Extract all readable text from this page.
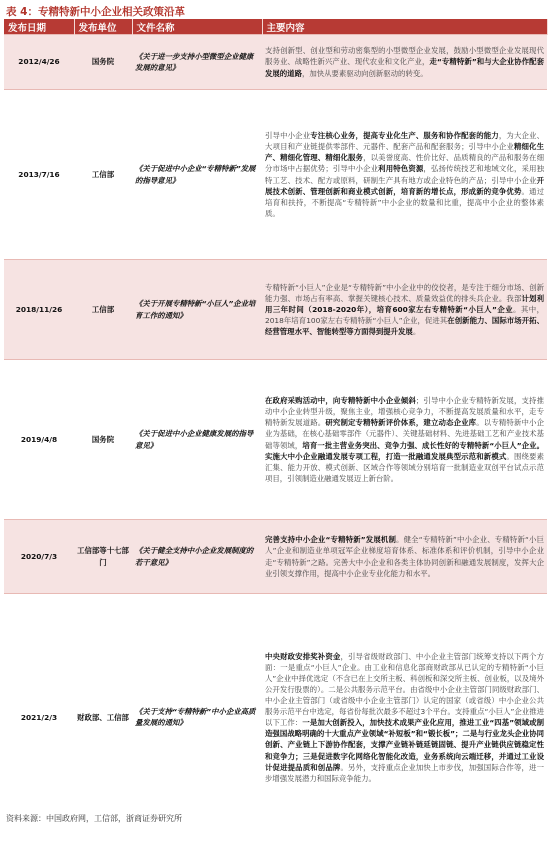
表 4：专精特新中小企业相关政策沿革
发布日期	发布单位	文件名称	主要内容
2012/4/26	国务院	《关于进一步支持小型微型企业健康发展的意见》	支持创新型、创业型和劳动密集型的小型微型企业发展，鼓励小型微型企业发展现代服务业、战略性新兴产业、现代农业和文化产业，走“专精特新”和与大企业协作配套发展的道路，加快从要素驱动向创新驱动的转变。
2013/7/16	工信部	《关于促进中小企业“专精特新”发展的指导意见》	引导中小企业专注核心业务，提高专业化生产、服务和协作配套的能力，为大企业、大项目和产业链提供零部件、元器件、配套产品和配套服务；引导中小企业精细化生产、精细化管理、精细化服务，以美誉度高、性价比好、品质精良的产品和服务在细分市场中占据优势；引导中小企业利用特色资源，弘扬传统技艺和地域文化，采用独特工艺、技术、配方或原料，研制生产具有地方或企业特色的产品；引导中小企业开展技术创新、管理创新和商业模式创新，培育新的增长点，形成新的竞争优势。通过培育和扶持，不断提高“专精特新”中小企业的数量和比重，提高中小企业的整体素质。
2018/11/26	工信部	《关于开展专精特新“小巨人”企业培育工作的通知》	专精特新“小巨人”企业是“专精特新”中小企业中的佼佼者，是专注于细分市场、创新能力强、市场占有率高、掌握关键核心技术、质量效益优的排头兵企业。我部计划利用三年时间（2018-2020年），培育600家左右专精特新“小巨人”企业。其中，2018年培育100家左右专精特新“小巨人”企业，促进其在创新能力、国际市场开拓、经营管理水平、智能转型等方面得到提升发展。
2019/4/8	国务院	《关于促进中小企业健康发展的指导意见》	在政府采购活动中，向专精特新中小企业倾斜；引导中小企业专精特新发展，支持推动中小企业转型升级，聚焦主业，增强核心竞争力，不断提高发展质量和水平，走专精特新发展道路。研究制定专精特新评价体系，建立动态企业库。以专精特新中小企业为基础，在核心基础零部件（元器件）、关键基础材料、先进基础工艺和产业技术基础等领域，培育一批主营业务突出、竞争力强、成长性好的专精特新“小巨人”企业。实施大中小企业融通发展专项工程，打造一批融通发展典型示范和新模式。围绕要素汇集、能力开放、模式创新、区域合作等领域分别培育一批制造业双创平台试点示范项目，引领制造业融通发展迈上新台阶。
2020/7/3	工信部等十七部门	《关于健全支持中小企业发展制度的若干意见》	完善支持中小企业“专精特新”发展机制。健全“专精特新”中小企业、专精特新“小巨人”企业和制造业单项冠军企业梯度培育体系、标准体系和评价机制，引导中小企业走“专精特新”之路。完善大中小企业和各类主体协同创新和融通发展制度，发挥大企业引领支撑作用，提高中小企业专业化能力和水平。
2021/2/3	财政部、工信部	《关于支持“专精特新”中小企业高质量发展的通知》	中央财政安排奖补资金，引导省级财政部门、中小企业主管部门统筹支持以下两个方面：一是重点“小巨人”企业。由工业和信息化部商财政部从已认定的专精特新“小巨人”企业中择优选定（不含已在上交所主板、科创板和深交所主板、创业板，以及境外公开发行股票的）。二是公共服务示范平台。由省级中小企业主管部门同级财政部门、中小企业主管部门（或省级中小企业主管部门）认定的国家（或省级）中小企业公共服务示范平台中选定，每省份每批次最多不超过3个平台。支持重点“小巨人”企业推进以下工作：一是加大创新投入，加快技术成果产业化应用，推进工业“四基”领域或制造强国战略明确的十大重点产业领域“补短板”和“锻长板”；二是与行业龙头企业协同创新、产业链上下游协作配套，支撑产业链补链延链固链、提升产业链供应链稳定性和竞争力；三是促进数字化网络化智能化改造，业务系统向云端迁移，并通过工业设计促进提品质和创品牌。另外，支持重点企业加快上市步伐，加强国际合作等，进一步增强发展潜力和国际竞争能力。
资料来源：中国政府网，工信部，浙商证券研究所
